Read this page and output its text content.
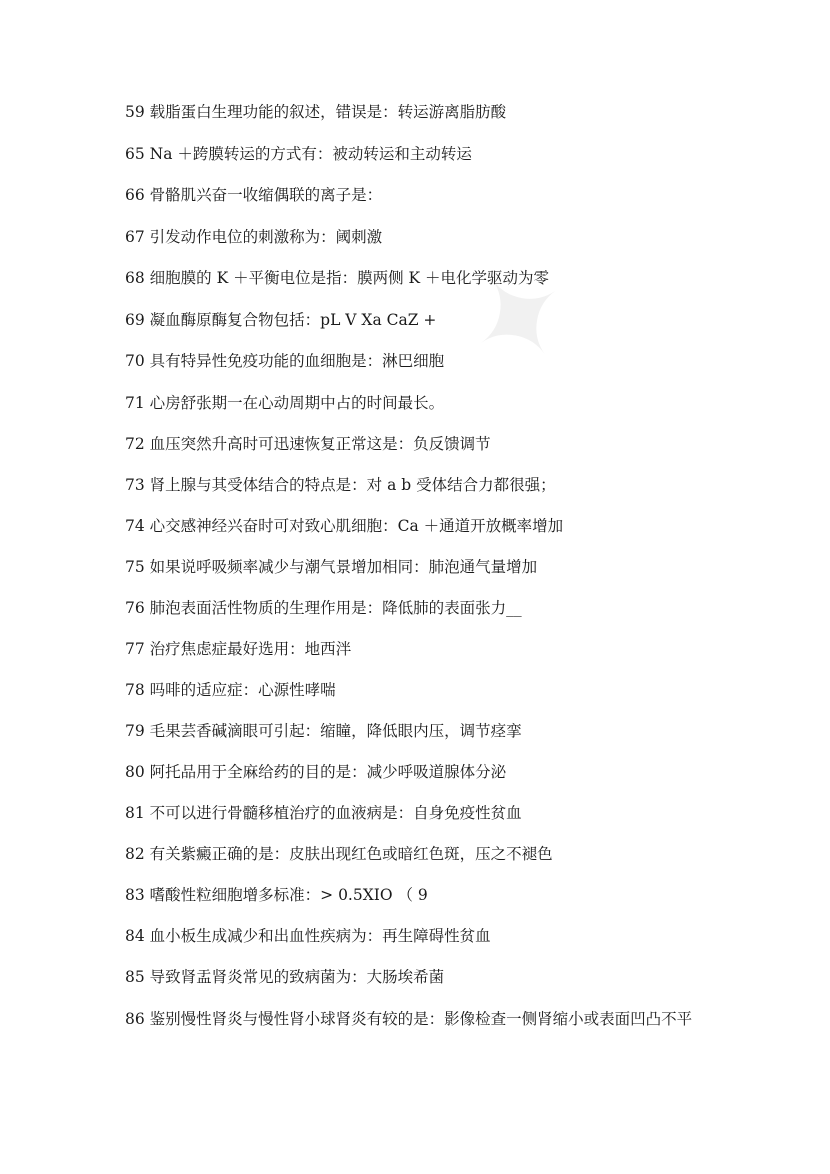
✦
59 载脂蛋白生理功能的叙述，错误是：转运游离脂肪酸
65 Na ＋跨膜转运的方式有：被动转运和主动转运
66 骨骼肌兴奋一收缩偶联的离子是：
67 引发动作电位的刺激称为：阈刺激
68 细胞膜的 K ＋平衡电位是指：膜两侧 K ＋电化学驱动为零
69 凝血酶原酶复合物包括：pL V Xa CaZ +
70 具有特异性免疫功能的血细胞是：淋巴细胞
71 心房舒张期一在心动周期中占的时间最长。
72 血压突然升高时可迅速恢复正常这是：负反馈调节
73 肾上腺与其受体结合的特点是：对 a b 受体结合力都很强；
74 心交感神经兴奋时可对致心肌细胞：Ca ＋通道开放概率增加
75 如果说呼吸频率减少与潮气景增加相同：肺泡通气量增加
76 肺泡表面活性物质的生理作用是：降低肺的表面张力__
77 治疗焦虑症最好选用：地西泮
78 吗啡的适应症：心源性哮喘
79 毛果芸香碱滴眼可引起：缩瞳，降低眼内压，调节痉挛
80 阿托品用于全麻给药的目的是：减少呼吸道腺体分泌
81 不可以进行骨髓移植治疗的血液病是：自身免疫性贫血
82 有关紫癜正确的是：皮肤出现红色或暗红色斑，压之不褪色
83 嗜酸性粒细胞增多标准：> 0.5XIO （ 9
84 血小板生成减少和出血性疾病为：再生障碍性贫血
85 导致肾盂肾炎常见的致病菌为：大肠埃希菌
86 鉴别慢性肾炎与慢性肾小球肾炎有较的是：影像检查一侧肾缩小或表面凹凸不平
